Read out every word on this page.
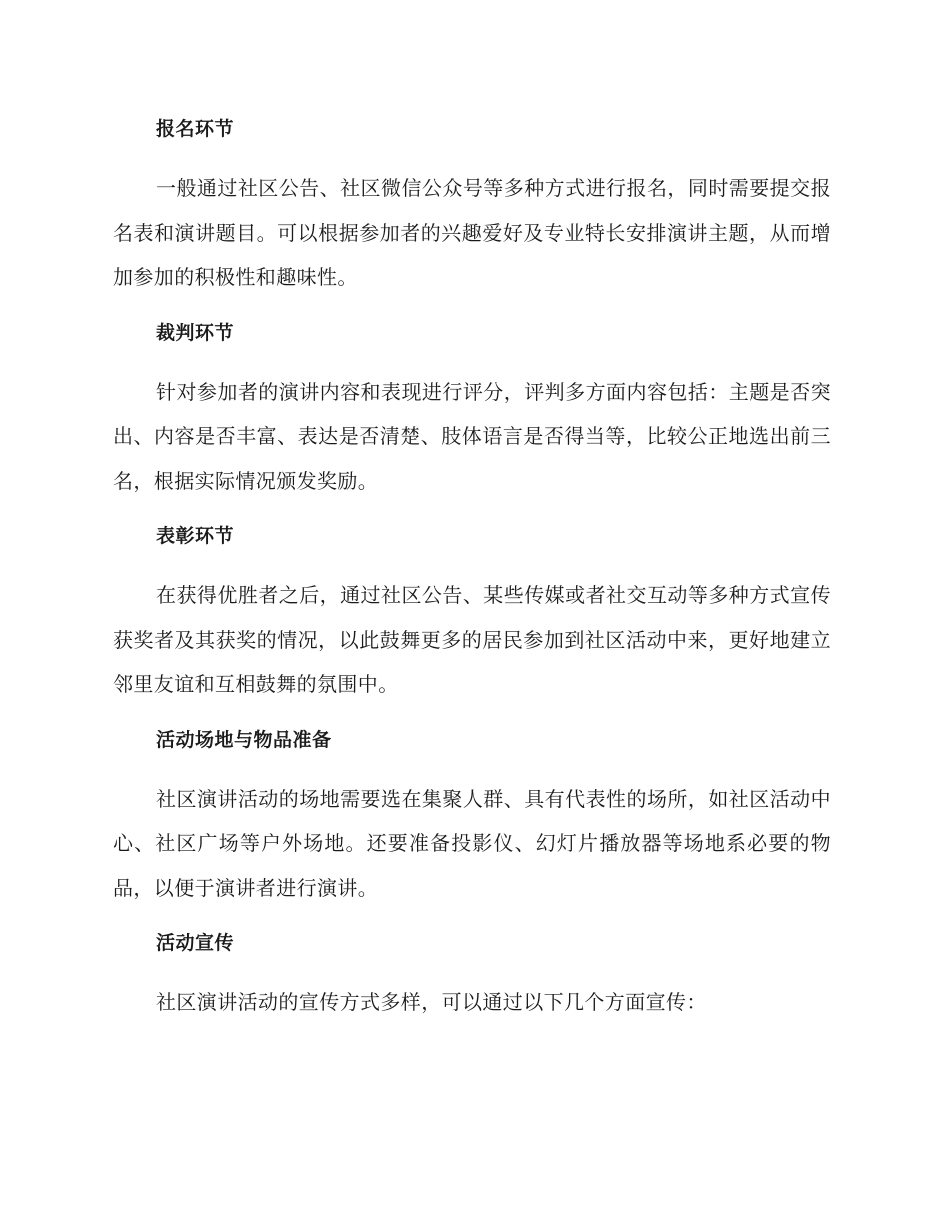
报名环节

一般通过社区公告、社区微信公众号等多种方式进行报名，同时需要提交报名表和演讲题目。可以根据参加者的兴趣爱好及专业特长安排演讲主题，从而增加参加的积极性和趣味性。

裁判环节

针对参加者的演讲内容和表现进行评分，评判多方面内容包括：主题是否突出、内容是否丰富、表达是否清楚、肢体语言是否得当等，比较公正地选出前三名，根据实际情况颁发奖励。

表彰环节

在获得优胜者之后，通过社区公告、某些传媒或者社交互动等多种方式宣传获奖者及其获奖的情况，以此鼓舞更多的居民参加到社区活动中来，更好地建立邻里友谊和互相鼓舞的氛围中。

活动场地与物品准备

社区演讲活动的场地需要选在集聚人群、具有代表性的场所，如社区活动中心、社区广场等户外场地。还要准备投影仪、幻灯片播放器等场地系必要的物品，以便于演讲者进行演讲。

活动宣传

社区演讲活动的宣传方式多样，可以通过以下几个方面宣传：
